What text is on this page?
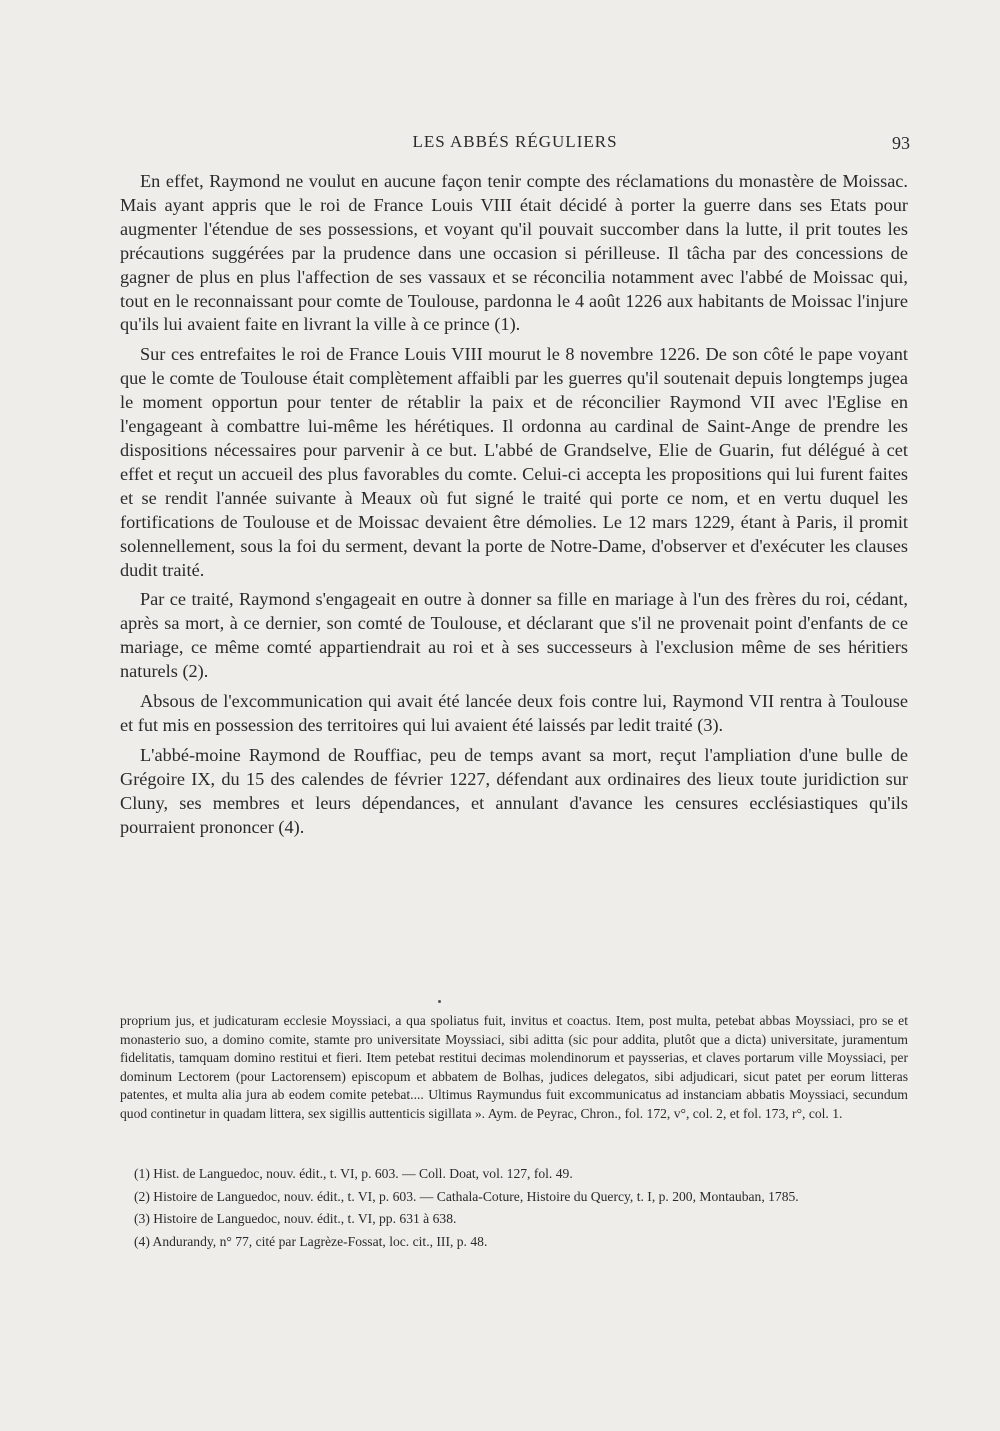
LES ABBÉS RÉGULIERS	93

En effet, Raymond ne voulut en aucune façon tenir compte des réclamations du monastère de Moissac. Mais ayant appris que le roi de France Louis VIII était décidé à porter la guerre dans ses Etats pour augmenter l'étendue de ses possessions, et voyant qu'il pouvait succomber dans la lutte, il prit toutes les précautions suggérées par la prudence dans une occasion si périlleuse. Il tâcha par des concessions de gagner de plus en plus l'affection de ses vassaux et se réconcilia notamment avec l'abbé de Moissac qui, tout en le reconnaissant pour comte de Toulouse, pardonna le 4 août 1226 aux habitants de Moissac l'injure qu'ils lui avaient faite en livrant la ville à ce prince (1).

Sur ces entrefaites le roi de France Louis VIII mourut le 8 novembre 1226. De son côté le pape voyant que le comte de Toulouse était complètement affaibli par les guerres qu'il soutenait depuis longtemps jugea le moment opportun pour tenter de rétablir la paix et de réconcilier Raymond VII avec l'Eglise en l'engageant à combattre lui-même les hérétiques. Il ordonna au cardinal de Saint-Ange de prendre les dispositions nécessaires pour parvenir à ce but. L'abbé de Grandselve, Elie de Guarin, fut délégué à cet effet et reçut un accueil des plus favorables du comte. Celui-ci accepta les propositions qui lui furent faites et se rendit l'année suivante à Meaux où fut signé le traité qui porte ce nom, et en vertu duquel les fortifications de Toulouse et de Moissac devaient être démolies. Le 12 mars 1229, étant à Paris, il promit solennellement, sous la foi du serment, devant la porte de Notre-Dame, d'observer et d'exécuter les clauses dudit traité.

Par ce traité, Raymond s'engageait en outre à donner sa fille en mariage à l'un des frères du roi, cédant, après sa mort, à ce dernier, son comté de Toulouse, et déclarant que s'il ne provenait point d'enfants de ce mariage, ce même comté appartiendrait au roi et à ses successeurs à l'exclusion même de ses héritiers naturels (2).

Absous de l'excommunication qui avait été lancée deux fois contre lui, Raymond VII rentra à Toulouse et fut mis en possession des territoires qui lui avaient été laissés par ledit traité (3).

L'abbé-moine Raymond de Rouffiac, peu de temps avant sa mort, reçut l'ampliation d'une bulle de Grégoire IX, du 15 des calendes de février 1227, défendant aux ordinaires des lieux toute juridiction sur Cluny, ses membres et leurs dépendances, et annulant d'avance les censures ecclésiastiques qu'ils pourraient prononcer (4).

proprium jus, et judicaturam ecclesie Moyssiaci, a qua spoliatus fuit, invitus et coactus. Item, post multa, petebat abbas Moyssiaci, pro se et monasterio suo, a domino comite, stamte pro universitate Moyssiaci, sibi aditta (sic pour addita, plutôt que a dicta) universitate, juramentum fidelitatis, tamquam domino restitui et fieri. Item petebat restitui decimas molendinorum et paysserias, et claves portarum ville Moyssiaci, per dominum Lectorem (pour Lactorensem) episcopum et abbatem de Bolhas, judices delegatos, sibi adjudicari, sicut patet per eorum litteras patentes, et multa alia jura ab eodem comite petebat.... Ultimus Raymundus fuit excommunicatus ad instanciam abbatis Moyssiaci, secundum quod continetur in quadam littera, sex sigillis auttenticis sigillata ». Aym. de Peyrac, Chron., fol. 172, v°, col. 2, et fol. 173, r°, col. 1.

(1) Hist. de Languedoc, nouv. édit., t. VI, p. 603. — Coll. Doat, vol. 127, fol. 49.

(2) Histoire de Languedoc, nouv. édit., t. VI, p. 603. — Cathala-Coture, Histoire du Quercy, t. I, p. 200, Montauban, 1785.

(3) Histoire de Languedoc, nouv. édit., t. VI, pp. 631 à 638.

(4) Andurandy, n° 77, cité par Lagrèze-Fossat, loc. cit., III, p. 48.
